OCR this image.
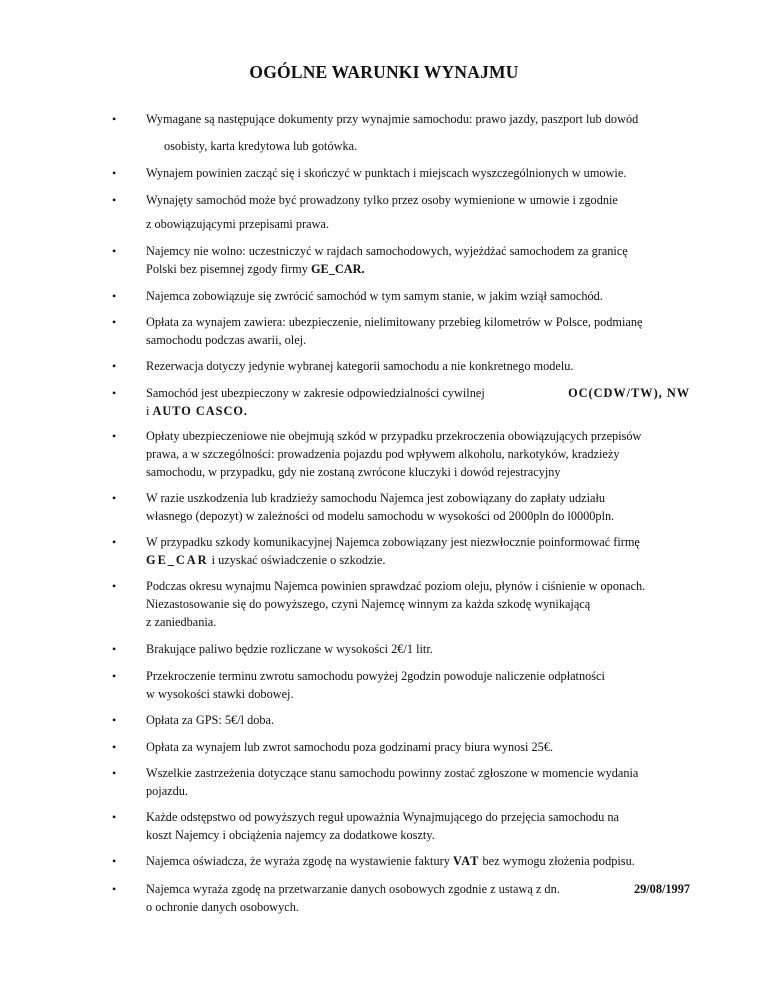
OGÓLNE WARUNKI WYNAJMU
•	Wymagane są następujące dokumenty przy wynajmie samochodu: prawo jazdy, paszport lub dowód
osobisty, karta kredytowa lub gotówka.
•	Wynajem powinien zacząć się i skończyć w punktach i miejscach wyszczególnionych w umowie.
•	Wynajęty samochód może być prowadzony tylko przez osoby wymienione w umowie i zgodnie
z obowiązującymi przepisami prawa.
•	Najemcy nie wolno: uczestniczyć w rajdach samochodowych, wyjeżdżać samochodem za granicę
Polski bez pisemnej zgody firmy GE_CAR.
•	Najemca zobowiązuje się zwrócić samochód w tym samym stanie, w jakim wziął samochód.
•	Opłata za wynajem zawiera: ubezpieczenie, nielimitowany przebieg kilometrów w Polsce, podmianę
samochodu podczas awarii, olej.
•	Rezerwacja dotyczy jedynie wybranej kategorii samochodu a nie konkretnego modelu.
•	Samochód jest ubezpieczony w zakresie odpowiedzialności cywilnej	OC(CDW/TW), NW
i AUTO CASCO.
•	Opłaty ubezpieczeniowe nie obejmują szkód w przypadku przekroczenia obowiązujących przepisów
prawa, a w szczególności: prowadzenia pojazdu pod wpływem alkoholu, narkotyków, kradzieży
samochodu, w przypadku, gdy nie zostaną zwrócone kluczyki i dowód rejestracyjny
•	W razie uszkodzenia lub kradzieży samochodu Najemca jest zobowiązany do zapłaty udziału
własnego (depozyt) w zależności od modelu samochodu w wysokości od 2000pln do l0000pln.
•	W przypadku szkody komunikacyjnej Najemca zobowiązany jest niezwłocznie poinformować firmę
GE_CAR i uzyskać oświadczenie o szkodzie.
•	Podczas okresu wynajmu Najemca powinien sprawdzać poziom oleju, płynów i ciśnienie w oponach.
Niezastosowanie się do powyższego, czyni Najemcę winnym za każda szkodę wynikającą
z zaniedbania.
•	Brakujące paliwo będzie rozliczane w wysokości 2€/1 litr.
•	Przekroczenie terminu zwrotu samochodu powyżej 2godzin powoduje naliczenie odpłatności
w wysokości stawki dobowej.
•	Opłata za GPS: 5€/l doba.
•	Opłata za wynajem lub zwrot samochodu poza godzinami pracy biura wynosi 25€.
•	Wszelkie zastrzeżenia dotyczące stanu samochodu powinny zostać zgłoszone w momencie wydania
pojazdu.
•	Każde odstępstwo od powyższych reguł upoważnia Wynajmującego do przejęcia samochodu na
koszt Najemcy i obciążenia najemcy za dodatkowe koszty.
•	Najemca oświadcza, że wyraża zgodę na wystawienie faktury VAT bez wymogu złożenia podpisu.
•	Najemca wyraża zgodę na przetwarzanie danych osobowych zgodnie z ustawą z dn.	29/08/1997
o ochronie danych osobowych.
